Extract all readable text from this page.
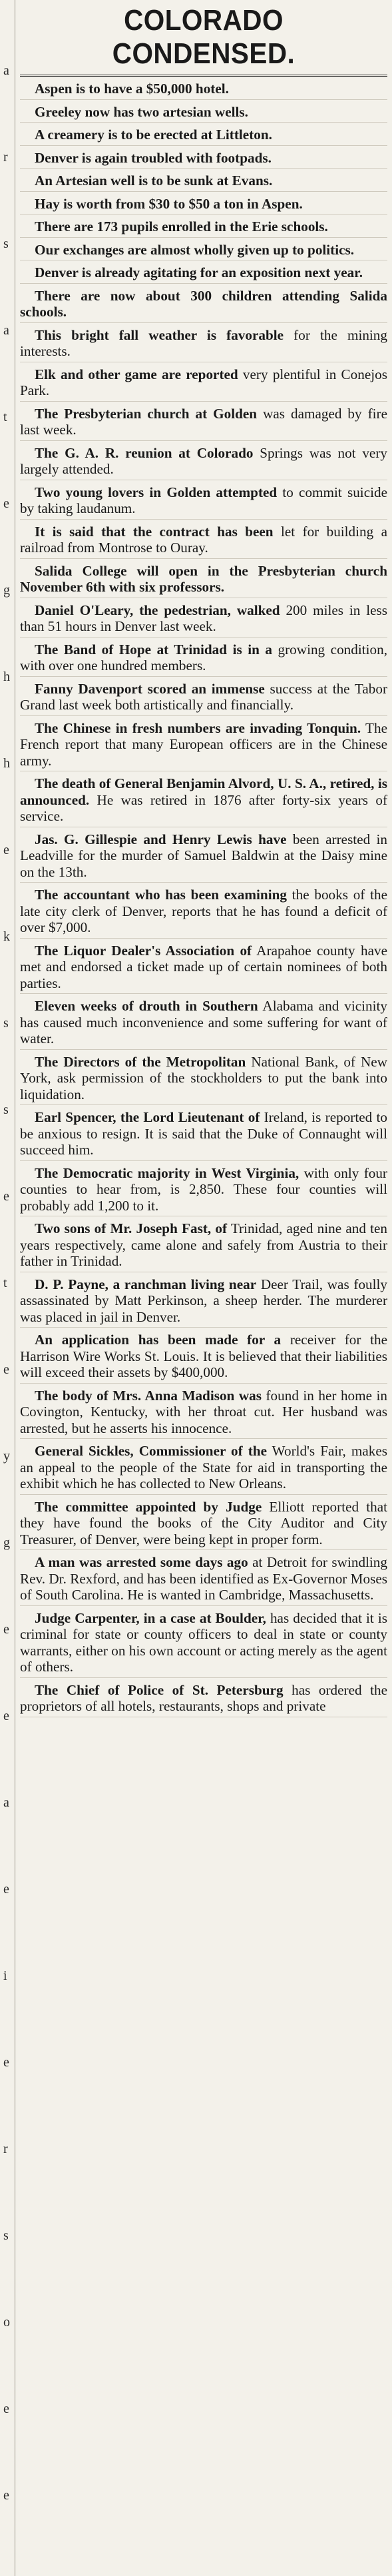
a
r
s
a
t
e
g
h
h
e
k
s
s
e
t
e
y
g
e
e
a
e
i
e
r
s
o
e
e
COLORADO CONDENSED.

Aspen is to have a $50,000 hotel.

Greeley now has two artesian wells.

A creamery is to be erected at Littleton.

Denver is again troubled with footpads.

An Artesian well is to be sunk at Evans.

Hay is worth from $30 to $50 a ton in Aspen.

There are 173 pupils enrolled in the Erie schools.

Our exchanges are almost wholly given up to politics.

Denver is already agitating for an exposition next year.

There are now about 300 children attending Salida schools.

This bright fall weather is favorable for the mining interests.

Elk and other game are reported very plentiful in Conejos Park.

The Presbyterian church at Golden was damaged by fire last week.

The G. A. R. reunion at Colorado Springs was not very largely attended.

Two young lovers in Golden attempted to commit suicide by taking laudanum.

It is said that the contract has been let for building a railroad from Montrose to Ouray.

Salida College will open in the Presbyterian church November 6th with six professors.

Daniel O'Leary, the pedestrian, walked 200 miles in less than 51 hours in Denver last week.

The Band of Hope at Trinidad is in a growing condition, with over one hundred members.

Fanny Davenport scored an immense success at the Tabor Grand last week both artistically and financially.

The Chinese in fresh numbers are invading Tonquin. The French report that many European officers are in the Chinese army.

The death of General Benjamin Alvord, U. S. A., retired, is announced. He was retired in 1876 after forty-six years of service.

Jas. G. Gillespie and Henry Lewis have been arrested in Leadville for the murder of Samuel Baldwin at the Daisy mine on the 13th.

The accountant who has been examining the books of the late city clerk of Denver, reports that he has found a deficit of over $7,000.

The Liquor Dealer's Association of Arapahoe county have met and endorsed a ticket made up of certain nominees of both parties.

Eleven weeks of drouth in Southern Alabama and vicinity has caused much inconvenience and some suffering for want of water.

The Directors of the Metropolitan National Bank, of New York, ask permission of the stockholders to put the bank into liquidation.

Earl Spencer, the Lord Lieutenant of Ireland, is reported to be anxious to resign. It is said that the Duke of Connaught will succeed him.

The Democratic majority in West Virginia, with only four counties to hear from, is 2,850. These four counties will probably add 1,200 to it.

Two sons of Mr. Joseph Fast, of Trinidad, aged nine and ten years respectively, came alone and safely from Austria to their father in Trinidad.

D. P. Payne, a ranchman living near Deer Trail, was foully assassinated by Matt Perkinson, a sheep herder. The murderer was placed in jail in Denver.

An application has been made for a receiver for the Harrison Wire Works St. Louis. It is believed that their liabilities will exceed their assets by $400,000.

The body of Mrs. Anna Madison was found in her home in Covington, Kentucky, with her throat cut. Her husband was arrested, but he asserts his innocence.

General Sickles, Commissioner of the World's Fair, makes an appeal to the people of the State for aid in transporting the exhibit which he has collected to New Orleans.

The committee appointed by Judge Elliott reported that they have found the books of the City Auditor and City Treasurer, of Denver, were being kept in proper form.

A man was arrested some days ago at Detroit for swindling Rev. Dr. Rexford, and has been identified as Ex-Governor Moses of South Carolina. He is wanted in Cambridge, Massachusetts.

Judge Carpenter, in a case at Boulder, has decided that it is criminal for state or county officers to deal in state or county warrants, either on his own account or acting merely as the agent of others.

The Chief of Police of St. Petersburg has ordered the proprietors of all hotels, restaurants, shops and private
